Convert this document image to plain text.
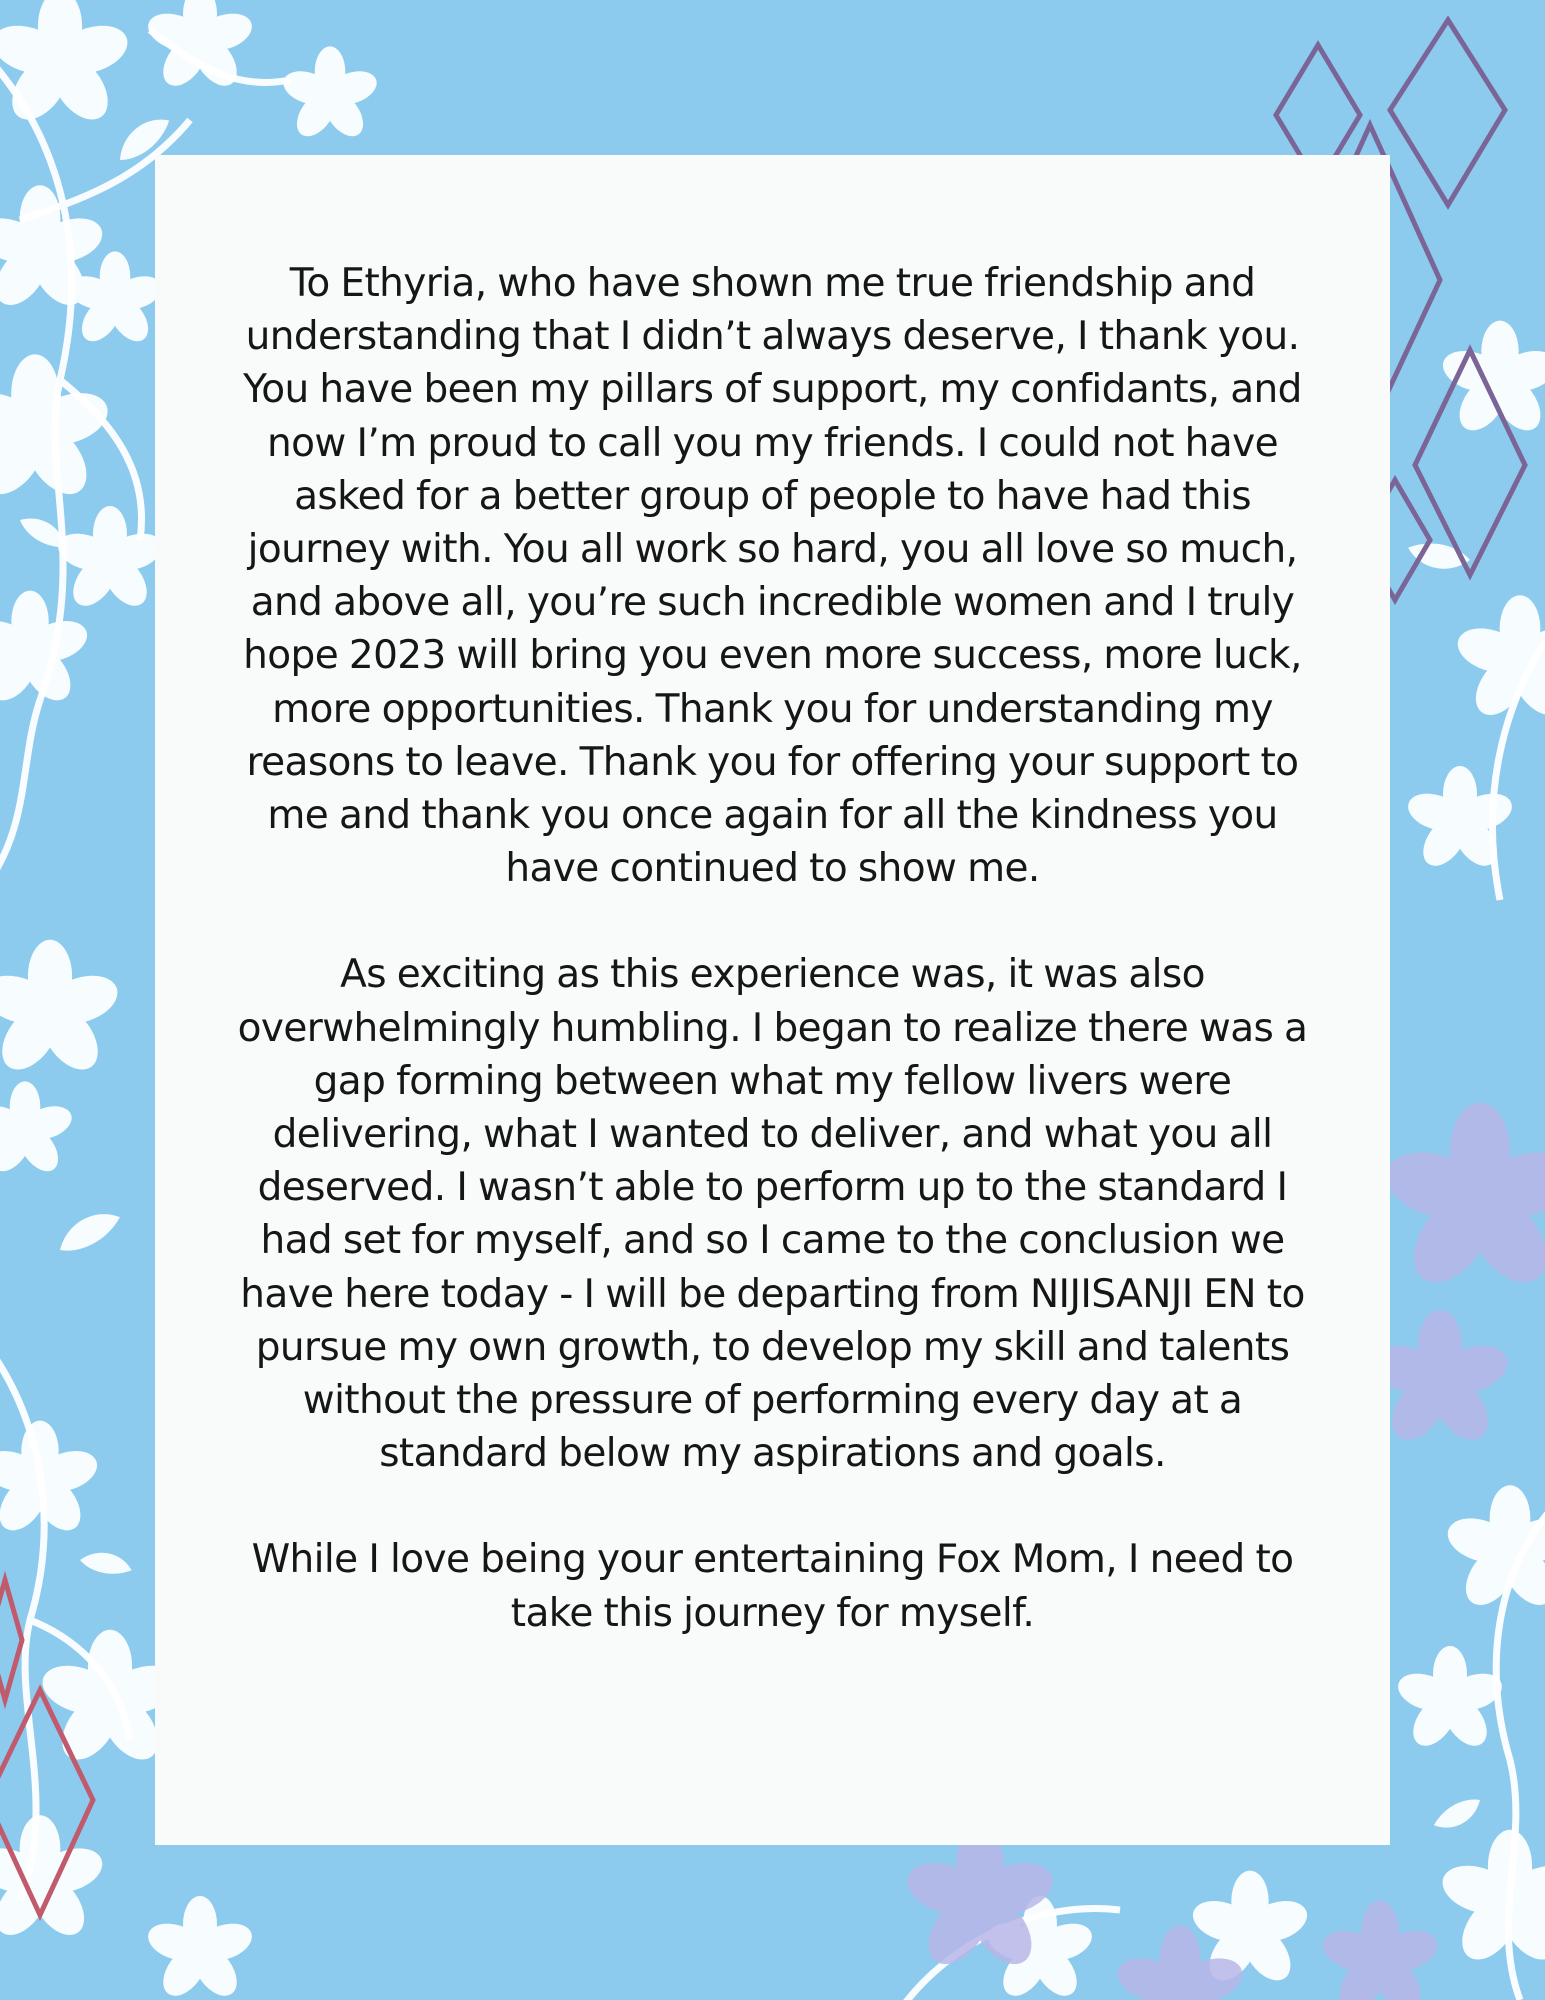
To Ethyria, who have shown me true friendship and understanding that I didn’t always deserve, I thank you. You have been my pillars of support, my confidants, and now I’m proud to call you my friends. I could not have asked for a better group of people to have had this journey with. You all work so hard, you all love so much, and above all, you’re such incredible women and I truly hope 2023 will bring you even more success, more luck, more opportunities. Thank you for understanding my reasons to leave. Thank you for offering your support to me and thank you once again for all the kindness you have continued to show me.

As exciting as this experience was, it was also overwhelmingly humbling. I began to realize there was a gap forming between what my fellow livers were delivering, what I wanted to deliver, and what you all deserved. I wasn’t able to perform up to the standard I had set for myself, and so I came to the conclusion we have here today - I will be departing from NIJISANJI EN to pursue my own growth, to develop my skill and talents without the pressure of performing every day at a standard below my aspirations and goals.

While I love being your entertaining Fox Mom, I need to take this journey for myself.
